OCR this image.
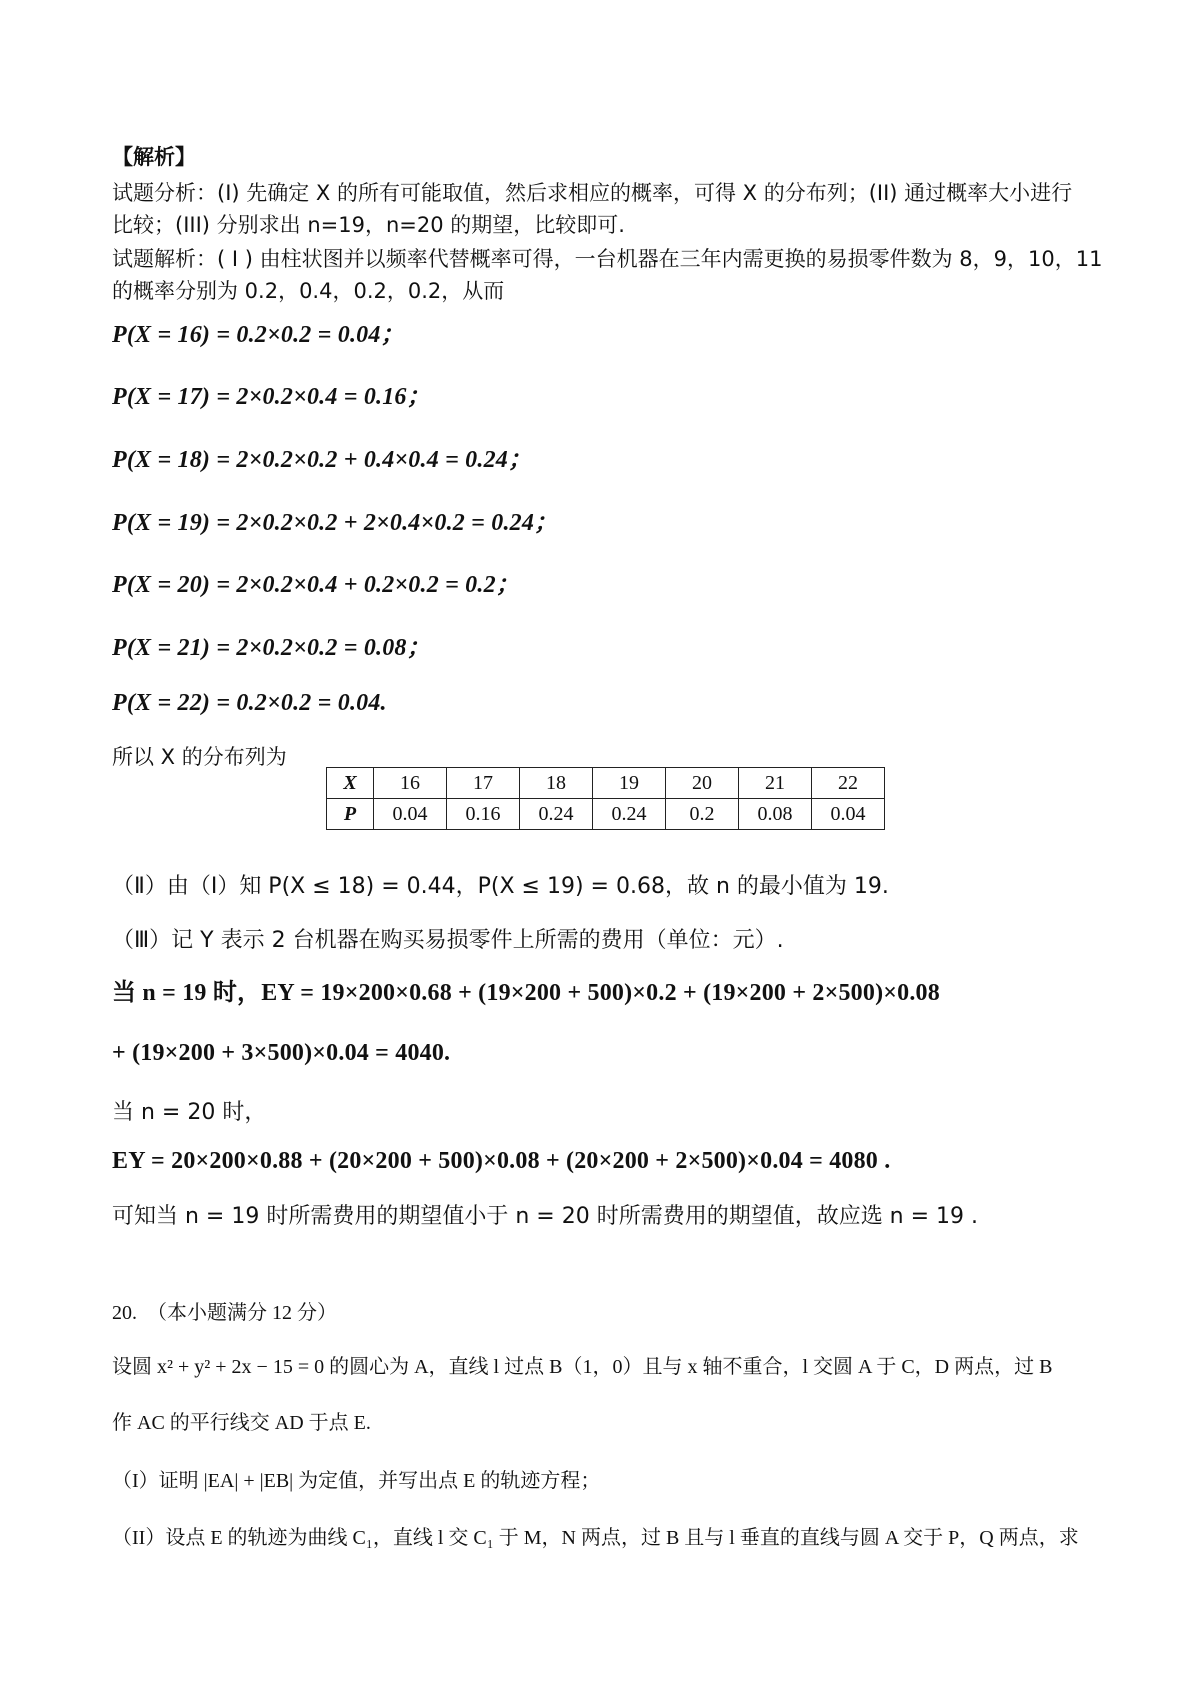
【解析】
试题分析：(I) 先确定 X 的所有可能取值，然后求相应的概率，可得 X 的分布列；(II) 通过概率大小进行
比较；(III) 分别求出 n=19，n=20 的期望，比较即可.
试题解析：( I ) 由柱状图并以频率代替概率可得，一台机器在三年内需更换的易损零件数为 8，9，10，11
的概率分别为 0.2，0.4，0.2，0.2，从而
P(X = 16) = 0.2×0.2 = 0.04；
P(X = 17) = 2×0.2×0.4 = 0.16；
P(X = 18) = 2×0.2×0.2 + 0.4×0.4 = 0.24；
P(X = 19) = 2×0.2×0.2 + 2×0.4×0.2 = 0.24；
P(X = 20) = 2×0.2×0.4 + 0.2×0.2 = 0.2；
P(X = 21) = 2×0.2×0.2 = 0.08；
P(X = 22) = 0.2×0.2 = 0.04.
所以 X 的分布列为
X	16	17	18	19	20	21	22
P	0.04	0.16	0.24	0.24	0.2	0.08	0.04
（Ⅱ）由（Ⅰ）知 P(X ≤ 18) = 0.44，P(X ≤ 19) = 0.68，故 n 的最小值为 19.
（Ⅲ）记 Y 表示 2 台机器在购买易损零件上所需的费用（单位：元）.
当 n = 19 时，EY = 19×200×0.68 + (19×200 + 500)×0.2 + (19×200 + 2×500)×0.08
+ (19×200 + 3×500)×0.04 = 4040.
当 n = 20 时，
EY = 20×200×0.88 + (20×200 + 500)×0.08 + (20×200 + 2×500)×0.04 = 4080 .
可知当 n = 19 时所需费用的期望值小于 n = 20 时所需费用的期望值，故应选 n = 19 .
20.　（本小题满分 12 分）
设圆 x² + y² + 2x − 15 = 0 的圆心为 A，直线 l 过点 B（1，0）且与 x 轴不重合，l 交圆 A 于 C，D 两点，过 B
作 AC 的平行线交 AD 于点 E.
（I）证明 |EA| + |EB| 为定值，并写出点 E 的轨迹方程；
（II）设点 E 的轨迹为曲线 C₁，直线 l 交 C₁ 于 M，N 两点，过 B 且与 l 垂直的直线与圆 A 交于 P，Q 两点，求
